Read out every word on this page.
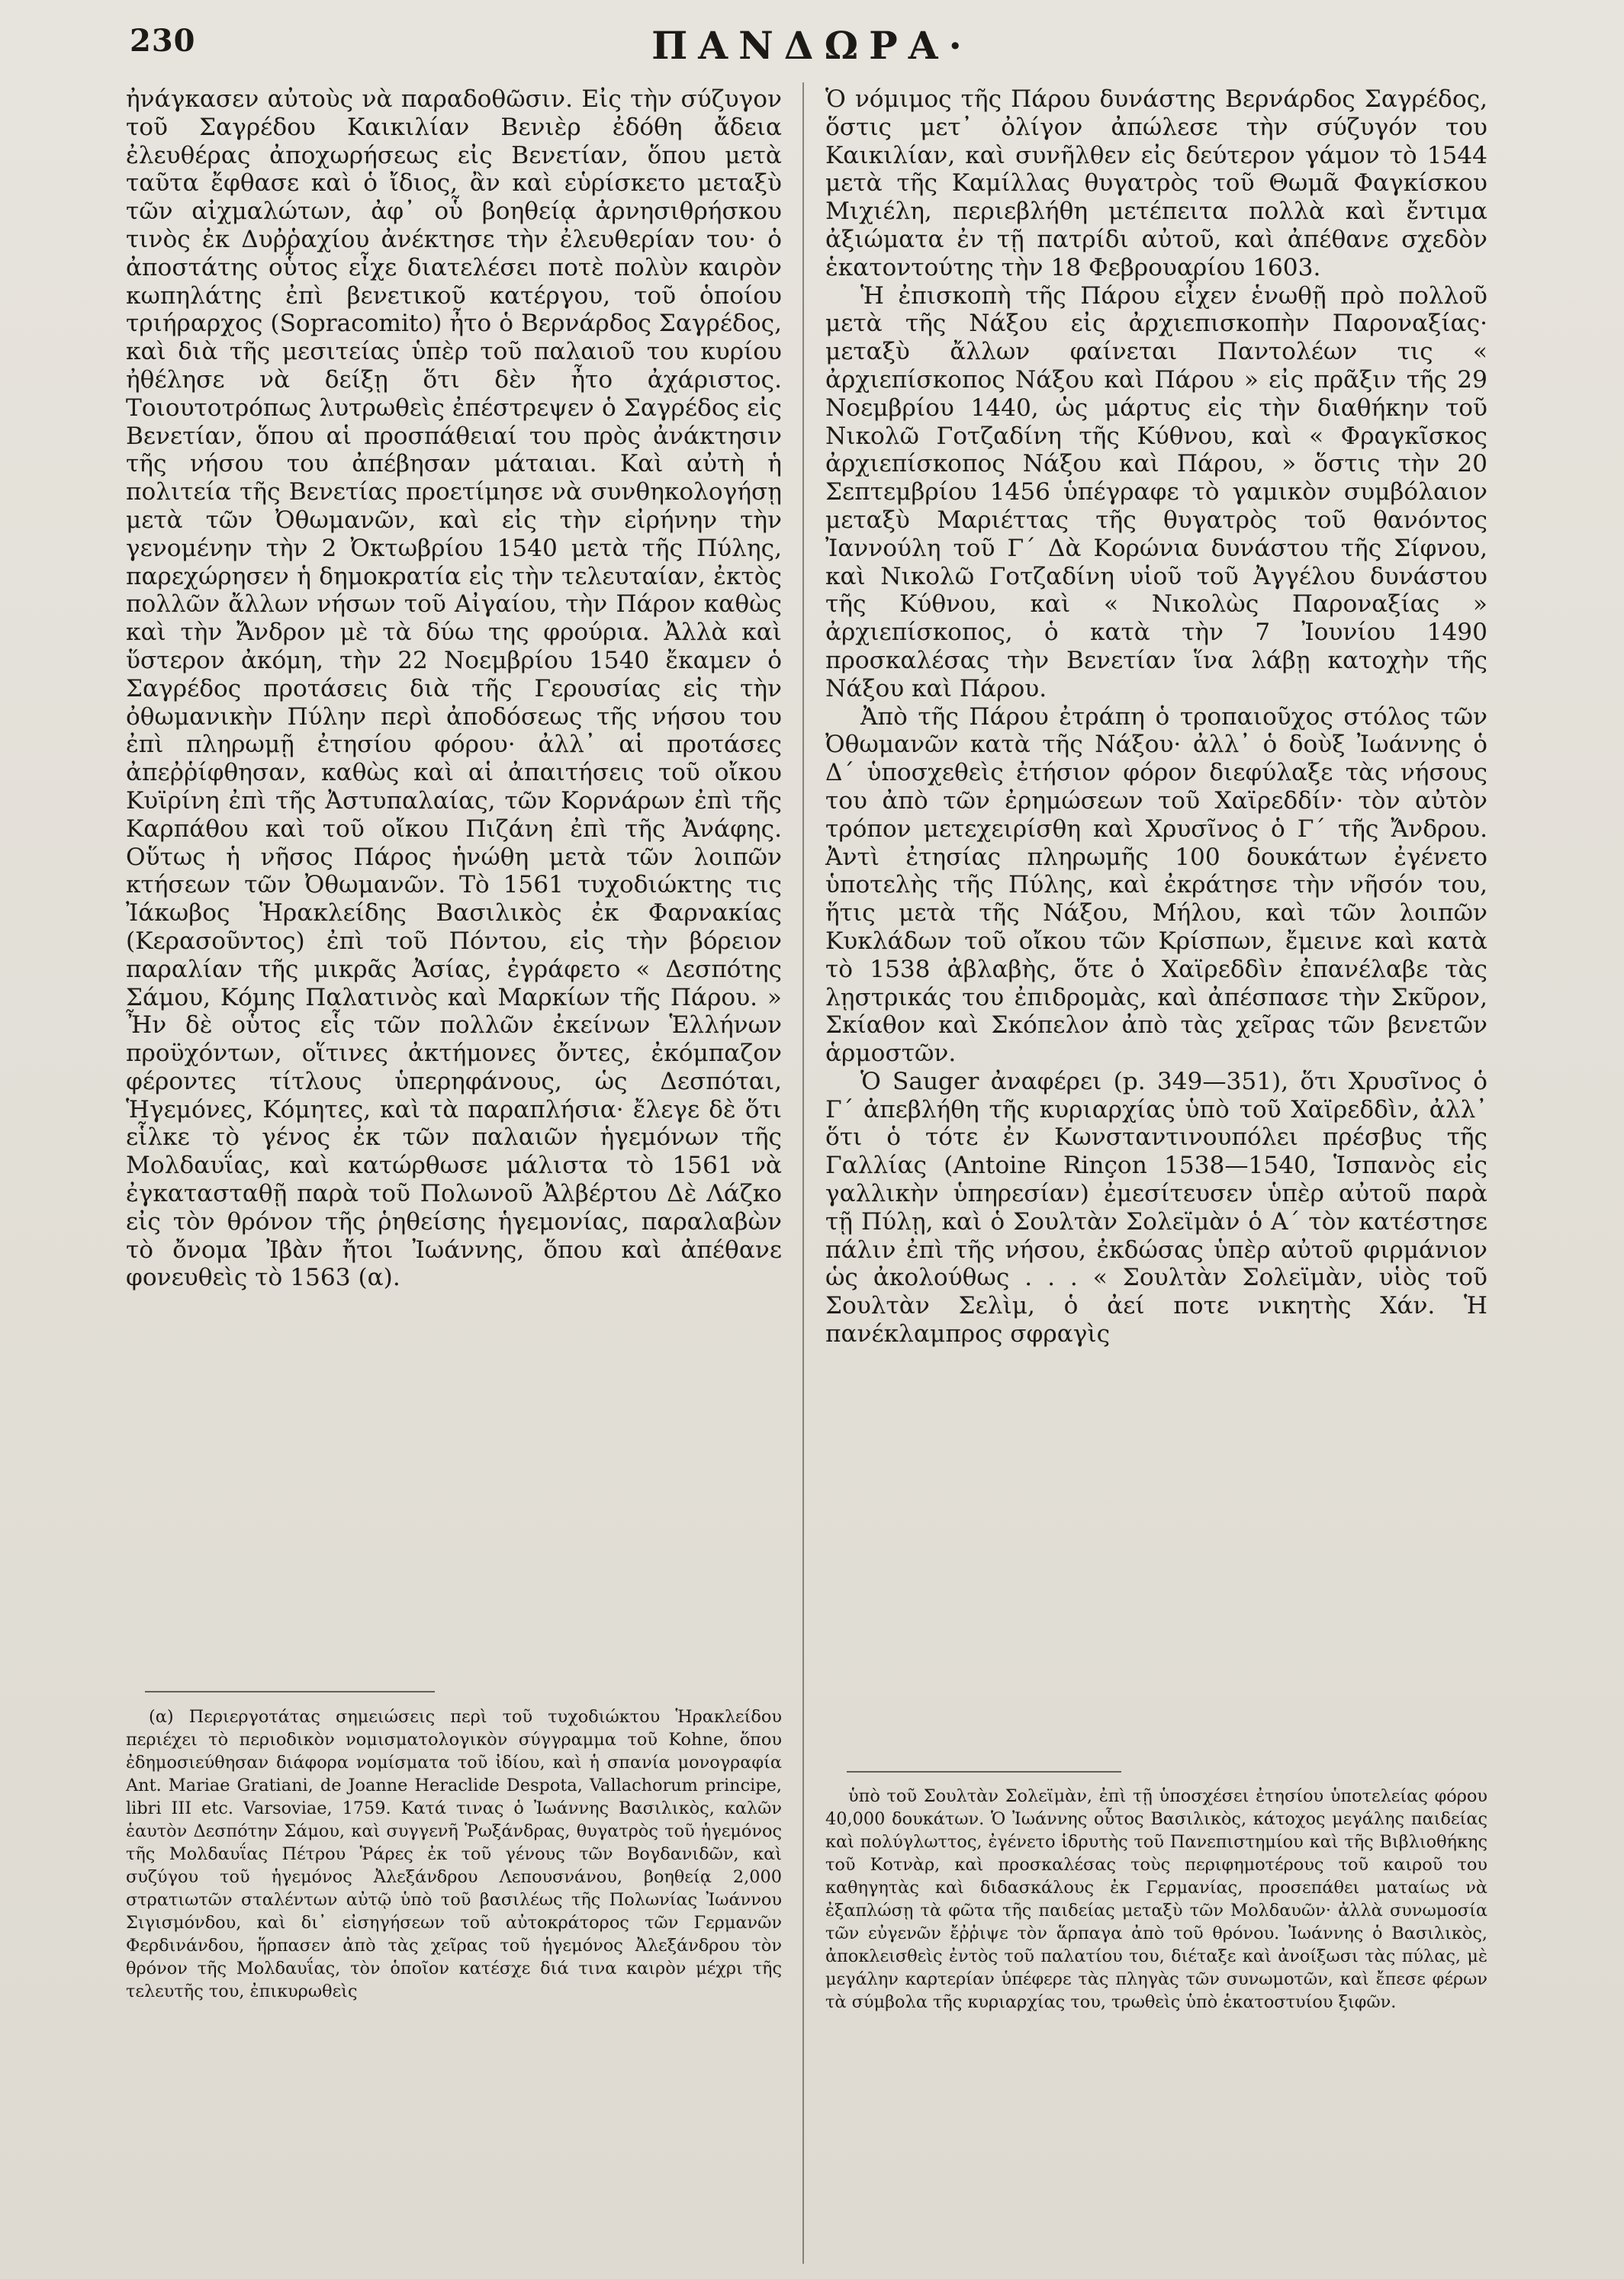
230	ΠΑΝΔΩΡΑ·

ἠνάγκασεν αὐτοὺς νὰ παραδοθῶσιν. Εἰς τὴν σύζυγον τοῦ Σαγρέδου Καικιλίαν Βενιὲρ ἐδόθη ἄδεια ἐλευθέρας ἀποχωρήσεως εἰς Βενετίαν, ὅπου μετὰ ταῦτα ἔφθασε καὶ ὁ ἴδιος, ἂν καὶ εὑρίσκετο μεταξὺ τῶν αἰχμαλώτων, ἀφ᾿ οὗ βοηθείᾳ ἀρνησιθρήσκου τινὸς ἐκ Δυῤῥαχίου ἀνέκτησε τὴν ἐλευθερίαν του· ὁ ἀποστάτης οὗτος εἶχε διατελέσει ποτὲ πολὺν καιρὸν κωπηλάτης ἐπὶ βενετικοῦ κατέργου, τοῦ ὁποίου τριήραρχος (Sopracomito) ἦτο ὁ Βερνάρδος Σαγρέδος, καὶ διὰ τῆς μεσιτείας ὑπὲρ τοῦ παλαιοῦ του κυρίου ἠθέλησε νὰ δείξῃ ὅτι δὲν ἦτο ἀχάριστος. Τοιουτοτρόπως λυτρωθεὶς ἐπέστρεψεν ὁ Σαγρέδος εἰς Βενετίαν, ὅπου αἱ προσπάθειαί του πρὸς ἀνάκτησιν τῆς νήσου του ἀπέβησαν μάταιαι. Καὶ αὐτὴ ἡ πολιτεία τῆς Βενετίας προετίμησε νὰ συνθηκολογήσῃ μετὰ τῶν Ὀθωμανῶν, καὶ εἰς τὴν εἰρήνην τὴν γενομένην τὴν 2 Ὀκτωβρίου 1540 μετὰ τῆς Πύλης, παρεχώρησεν ἡ δημοκρατία εἰς τὴν τελευταίαν, ἐκτὸς πολλῶν ἄλλων νήσων τοῦ Αἰγαίου, τὴν Πάρον καθὼς καὶ τὴν Ἄνδρον μὲ τὰ δύω της φρούρια. Ἀλλὰ καὶ ὕστερον ἀκόμη, τὴν 22 Νοεμβρίου 1540 ἔκαμεν ὁ Σαγρέδος προτάσεις διὰ τῆς Γερουσίας εἰς τὴν ὀθωμανικὴν Πύλην περὶ ἀποδόσεως τῆς νήσου του ἐπὶ πληρωμῇ ἐτησίου φόρου· ἀλλ᾿ αἱ προτάσες ἀπεῤῥίφθησαν, καθὼς καὶ αἱ ἀπαιτήσεις τοῦ οἴκου Κυϊρίνη ἐπὶ τῆς Ἀστυπαλαίας, τῶν Κορνάρων ἐπὶ τῆς Καρπάθου καὶ τοῦ οἴκου Πιζάνη ἐπὶ τῆς Ἀνάφης. Οὕτως ἡ νῆσος Πάρος ἡνώθη μετὰ τῶν λοιπῶν κτήσεων τῶν Ὀθωμανῶν. Τὸ 1561 τυχοδιώκτης τις Ἰάκωβος Ἡρακλείδης Βασιλικὸς ἐκ Φαρνακίας (Κερασοῦντος) ἐπὶ τοῦ Πόντου, εἰς τὴν βόρειον παραλίαν τῆς μικρᾶς Ἀσίας, ἐγράφετο « Δεσπότης Σάμου, Κόμης Παλατινὸς καὶ Μαρκίων τῆς Πάρου. » Ἦν δὲ οὗτος εἷς τῶν πολλῶν ἐκείνων Ἑλλήνων προϋχόντων, οἵτινες ἀκτήμονες ὄντες, ἐκόμπαζον φέροντες τίτλους ὑπερηφάνους, ὡς Δεσπόται, Ἡγεμόνες, Κόμητες, καὶ τὰ παραπλήσια· ἔλεγε δὲ ὅτι εἷλκε τὸ γένος ἐκ τῶν παλαιῶν ἡγεμόνων τῆς Μολδαυΐας, καὶ κατώρθωσε μάλιστα τὸ 1561 νὰ ἐγκατασταθῇ παρὰ τοῦ Πολωνοῦ Ἀλβέρτου Δὲ Λάζκο εἰς τὸν θρόνον τῆς ῥηθείσης ἡγεμονίας, παραλαβὼν τὸ ὄνομα Ἰβὰν ἤτοι Ἰωάννης, ὅπου καὶ ἀπέθανε φονευθεὶς τὸ 1563 (α).

(α) Περιεργοτάτας σημειώσεις περὶ τοῦ τυχοδιώκτου Ἡρακλείδου περιέχει τὸ περιοδικὸν νομισματολογικὸν σύγγραμμα τοῦ Kohne, ὅπου ἐδημοσιεύθησαν διάφορα νομίσματα τοῦ ἰδίου, καὶ ἡ σπανία μονογραφία Ant. Mariae Gratiani, de Joanne Heraclide Despota, Vallachorum principe, libri III etc. Varsoviae, 1759. Κατά τινας ὁ Ἰωάννης Βασιλικὸς, καλῶν ἑαυτὸν Δεσπότην Σάμου, καὶ συγγενῆ Ῥωξάνδρας, θυγατρὸς τοῦ ἡγεμόνος τῆς Μολδαυΐας Πέτρου Ῥάρες ἐκ τοῦ γένους τῶν Βογδανιδῶν, καὶ συζύγου τοῦ ἡγεμόνος Ἀλεξάνδρου Λεπουσνάνου, βοηθείᾳ 2,000 στρατιωτῶν σταλέντων αὐτῷ ὑπὸ τοῦ βασιλέως τῆς Πολωνίας Ἰωάννου Σιγισμόνδου, καὶ δι᾿ εἰσηγήσεων τοῦ αὐτοκράτορος τῶν Γερμανῶν Φερδινάνδου, ἥρπασεν ἀπὸ τὰς χεῖρας τοῦ ἡγεμόνος Ἀλεξάνδρου τὸν θρόνον τῆς Μολδαυΐας, τὸν ὁποῖον κατέσχε διά τινα καιρὸν μέχρι τῆς τελευτῆς του, ἐπικυρωθεὶς

Ὁ νόμιμος τῆς Πάρου δυνάστης Βερνάρδος Σαγρέδος, ὅστις μετ᾿ ὀλίγον ἀπώλεσε τὴν σύζυγόν του Καικιλίαν, καὶ συνῆλθεν εἰς δεύτερον γάμον τὸ 1544 μετὰ τῆς Καμίλλας θυγατρὸς τοῦ Θωμᾶ Φαγκίσκου Μιχιέλη, περιεβλήθη μετέπειτα πολλὰ καὶ ἔντιμα ἀξιώματα ἐν τῇ πατρίδι αὐτοῦ, καὶ ἀπέθανε σχεδὸν ἑκατοντούτης τὴν 18 Φεβρουαρίου 1603.

Ἡ ἐπισκοπὴ τῆς Πάρου εἶχεν ἑνωθῇ πρὸ πολλοῦ μετὰ τῆς Νάξου εἰς ἀρχιεπισκοπὴν Παροναξίας· μεταξὺ ἄλλων φαίνεται Παντολέων τις « ἀρχιεπίσκοπος Νάξου καὶ Πάρου » εἰς πρᾶξιν τῆς 29 Νοεμβρίου 1440, ὡς μάρτυς εἰς τὴν διαθήκην τοῦ Νικολῶ Γοτζαδίνη τῆς Κύθνου, καὶ « Φραγκῖσκος ἀρχιεπίσκοπος Νάξου καὶ Πάρου, » ὅστις τὴν 20 Σεπτεμβρίου 1456 ὑπέγραφε τὸ γαμικὸν συμβόλαιον μεταξὺ Μαριέττας τῆς θυγατρὸς τοῦ θανόντος Ἰαννούλη τοῦ Γ΄ Δὰ Κορώνια δυνάστου τῆς Σίφνου, καὶ Νικολῶ Γοτζαδίνη υἱοῦ τοῦ Ἀγγέλου δυνάστου τῆς Κύθνου, καὶ « Νικολὼς Παροναξίας » ἀρχιεπίσκοπος, ὁ κατὰ τὴν 7 Ἰουνίου 1490 προσκαλέσας τὴν Βενετίαν ἵνα λάβῃ κατοχὴν τῆς Νάξου καὶ Πάρου.

Ἀπὸ τῆς Πάρου ἐτράπη ὁ τροπαιοῦχος στόλος τῶν Ὀθωμανῶν κατὰ τῆς Νάξου· ἀλλ᾿ ὁ δοὺξ Ἰωάννης ὁ Δ΄ ὑποσχεθεὶς ἐτήσιον φόρον διεφύλαξε τὰς νήσους του ἀπὸ τῶν ἐρημώσεων τοῦ Χαϊρεδδίν· τὸν αὐτὸν τρόπον μετεχειρίσθη καὶ Χρυσῖνος ὁ Γ΄ τῆς Ἄνδρου. Ἀντὶ ἐτησίας πληρωμῆς 100 δουκάτων ἐγένετο ὑποτελὴς τῆς Πύλης, καὶ ἐκράτησε τὴν νῆσόν του, ἥτις μετὰ τῆς Νάξου, Μήλου, καὶ τῶν λοιπῶν Κυκλάδων τοῦ οἴκου τῶν Κρίσπων, ἔμεινε καὶ κατὰ τὸ 1538 ἀβλαβὴς, ὅτε ὁ Χαϊρεδδὶν ἐπανέλαβε τὰς λῃστρικάς του ἐπιδρομὰς, καὶ ἀπέσπασε τὴν Σκῦρον, Σκίαθον καὶ Σκόπελον ἀπὸ τὰς χεῖρας τῶν βενετῶν ἁρμοστῶν.

Ὁ Sauger ἀναφέρει (p. 349—351), ὅτι Χρυσῖνος ὁ Γ΄ ἀπεβλήθη τῆς κυριαρχίας ὑπὸ τοῦ Χαϊρεδδὶν, ἀλλ᾿ ὅτι ὁ τότε ἐν Κωνσταντινουπόλει πρέσβυς τῆς Γαλλίας (Antoine Rinçon 1538—1540, Ἱσπανὸς εἰς γαλλικὴν ὑπηρεσίαν) ἐμεσίτευσεν ὑπὲρ αὐτοῦ παρὰ τῇ Πύλῃ, καὶ ὁ Σουλτὰν Σολεϊμὰν ὁ Α΄ τὸν κατέστησε πάλιν ἐπὶ τῆς νήσου, ἐκδώσας ὑπὲρ αὐτοῦ φιρμάνιον ὡς ἀκολούθως . . . « Σουλτὰν Σολεϊμὰν, υἱὸς τοῦ Σουλτὰν Σελὶμ, ὁ ἀεί ποτε νικητὴς Χάν. Ἡ πανέκλαμπρος σφραγὶς

ὑπὸ τοῦ Σουλτὰν Σολεϊμὰν, ἐπὶ τῇ ὑποσχέσει ἐτησίου ὑποτελείας φόρου 40,000 δουκάτων. Ὁ Ἰωάννης οὗτος Βασιλικὸς, κάτοχος μεγάλης παιδείας καὶ πολύγλωττος, ἐγένετο ἱδρυτὴς τοῦ Πανεπιστημίου καὶ τῆς Βιβλιοθήκης τοῦ Κοτνὰρ, καὶ προσκαλέσας τοὺς περιφημοτέρους τοῦ καιροῦ του καθηγητὰς καὶ διδασκάλους ἐκ Γερμανίας, προσεπάθει ματαίως νὰ ἐξαπλώσῃ τὰ φῶτα τῆς παιδείας μεταξὺ τῶν Μολδαυῶν· ἀλλὰ συνωμοσία τῶν εὐγενῶν ἔῤῥιψε τὸν ἅρπαγα ἀπὸ τοῦ θρόνου. Ἰωάννης ὁ Βασιλικὸς, ἀποκλεισθεὶς ἐντὸς τοῦ παλατίου του, διέταξε καὶ ἀνοίξωσι τὰς πύλας, μὲ μεγάλην καρτερίαν ὑπέφερε τὰς πληγὰς τῶν συνωμοτῶν, καὶ ἔπεσε φέρων τὰ σύμβολα τῆς κυριαρχίας του, τρωθεὶς ὑπὸ ἑκατοστυίου ξιφῶν.
